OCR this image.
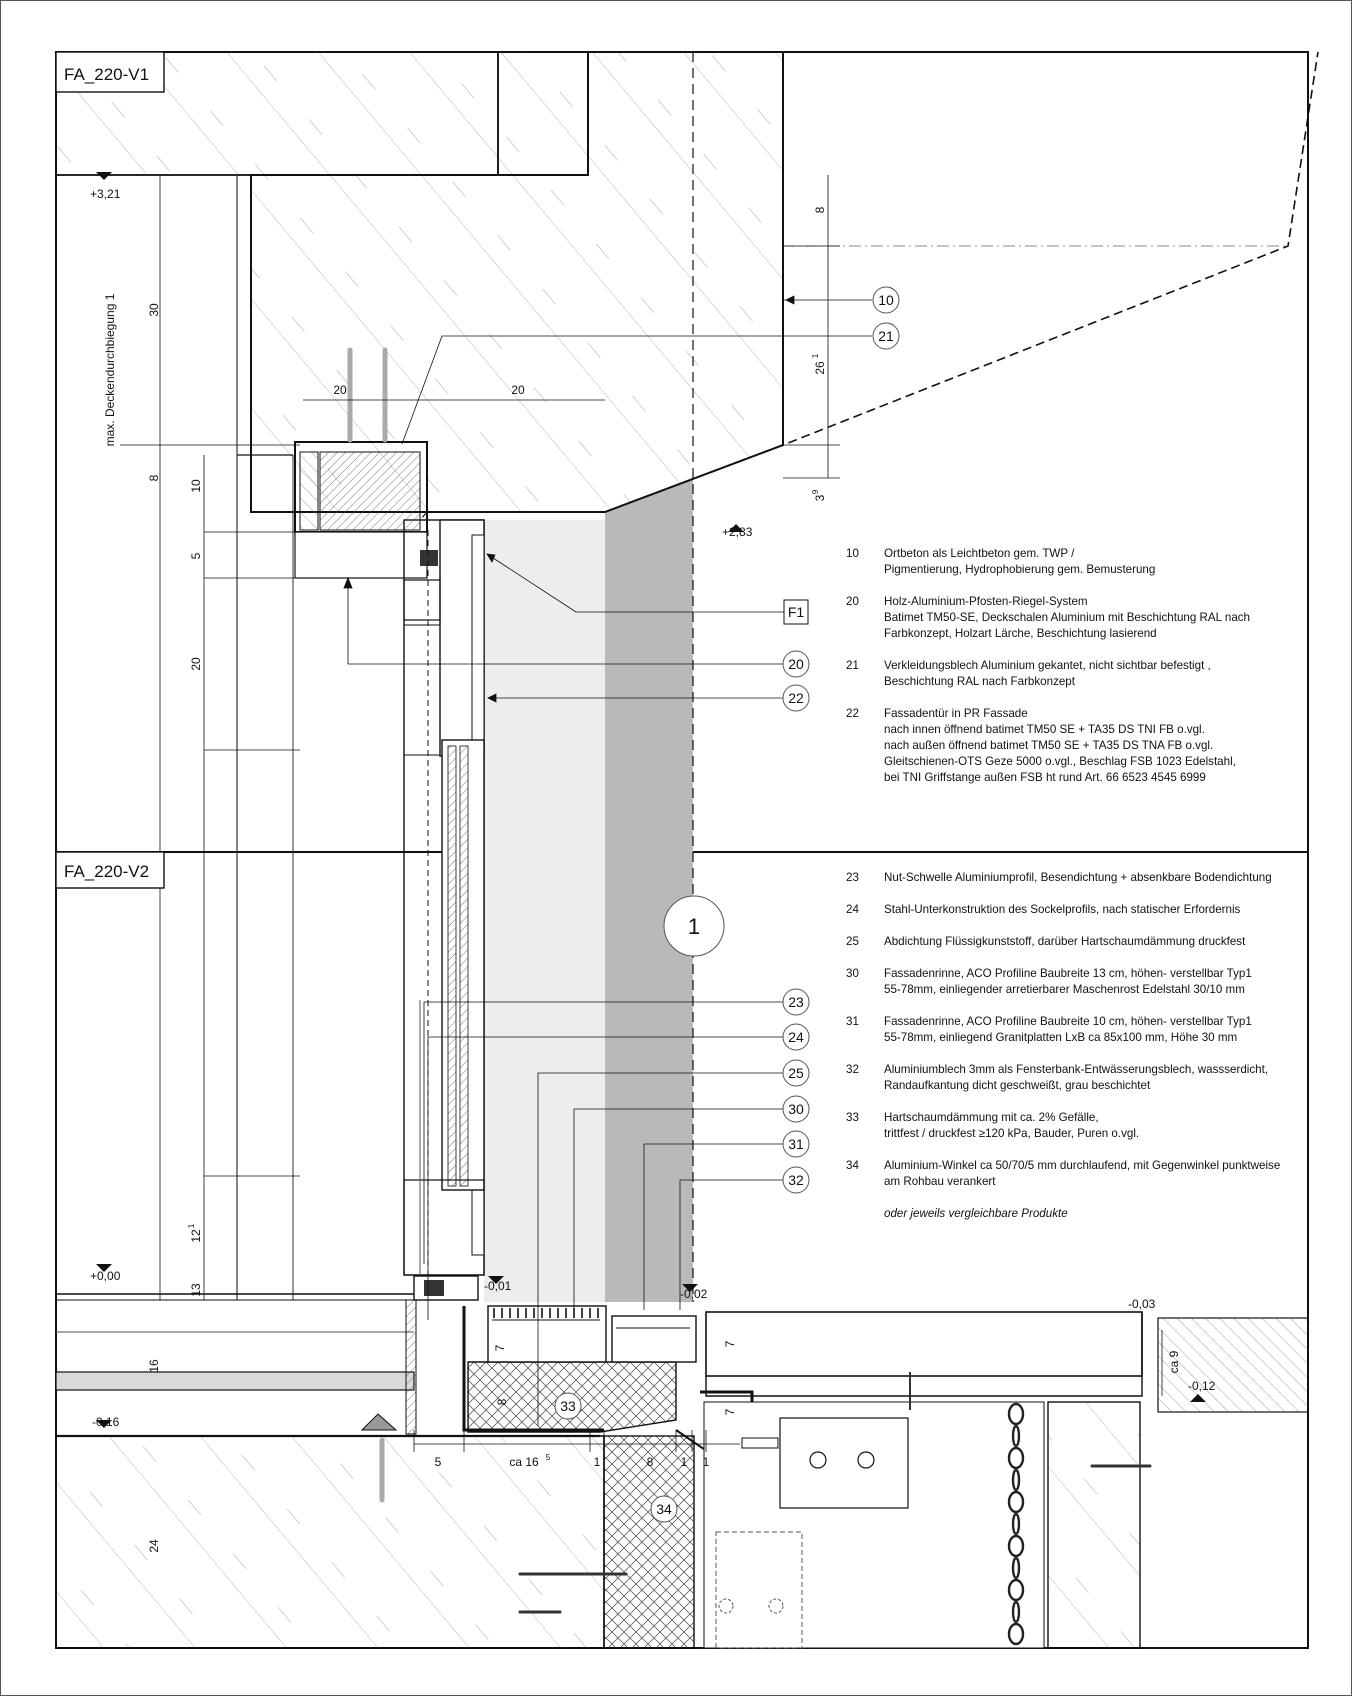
FA_220-V1
FA_220-V2
10
21
20
22
F1
23
24
25
30
31
32
33
34
1
+3,21
+2,83
+0,00
-0,01
-0,02
-0,03
-0,12
-0,16
30
8
10
5
20
12
1
13
16
24
max. Deckendurchbiegung 1	20	20
8
26
1
3
9
5	ca 16 5	1	8 1 1
7
7
7
8
ca 9
10	Ortbeton als Leichtbeton gem. TWP /
Pigmentierung, Hydrophobierung gem. Bemusterung
20	Holz-Aluminium-Pfosten-Riegel-System
Batimet TM50-SE, Deckschalen Aluminium mit Beschichtung RAL nach
Farbkonzept, Holzart Lärche, Beschichtung lasierend
21	Verkleidungsblech Aluminium gekantet, nicht sichtbar befestigt ,
Beschichtung RAL nach Farbkonzept
22	Fassadentür in PR Fassade
nach innen öffnend batimet TM50 SE + TA35 DS TNI FB o.vgl.
nach außen öffnend batimet TM50 SE + TA35 DS TNA FB o.vgl.
Gleitschienen-OTS Geze 5000 o.vgl., Beschlag FSB 1023 Edelstahl,
bei TNI Griffstange außen FSB ht rund Art. 66 6523 4545 6999
23	Nut-Schwelle Aluminiumprofil, Besendichtung + absenkbare Bodendichtung
24	Stahl-Unterkonstruktion des Sockelprofils, nach statischer Erfordernis
25	Abdichtung Flüssigkunststoff, darüber Hartschaumdämmung druckfest
30	Fassadenrinne, ACO Profiline Baubreite 13 cm, höhen- verstellbar Typ1
55-78mm, einliegender arretierbarer Maschenrost Edelstahl 30/10 mm
31	Fassadenrinne, ACO Profiline Baubreite 10 cm, höhen- verstellbar Typ1
55-78mm, einliegend Granitplatten LxB ca 85x100 mm, Höhe 30 mm
32	Aluminiumblech 3mm als Fensterbank-Entwässerungsblech, wassserdicht,
Randaufkantung dicht geschweißt, grau beschichtet
33	Hartschaumdämmung mit ca. 2% Gefälle,
trittfest / druckfest ≥120 kPa, Bauder, Puren o.vgl.
34	Aluminium-Winkel ca 50/70/5 mm durchlaufend, mit Gegenwinkel punktweise
am Rohbau verankert
oder jeweils vergleichbare Produkte
